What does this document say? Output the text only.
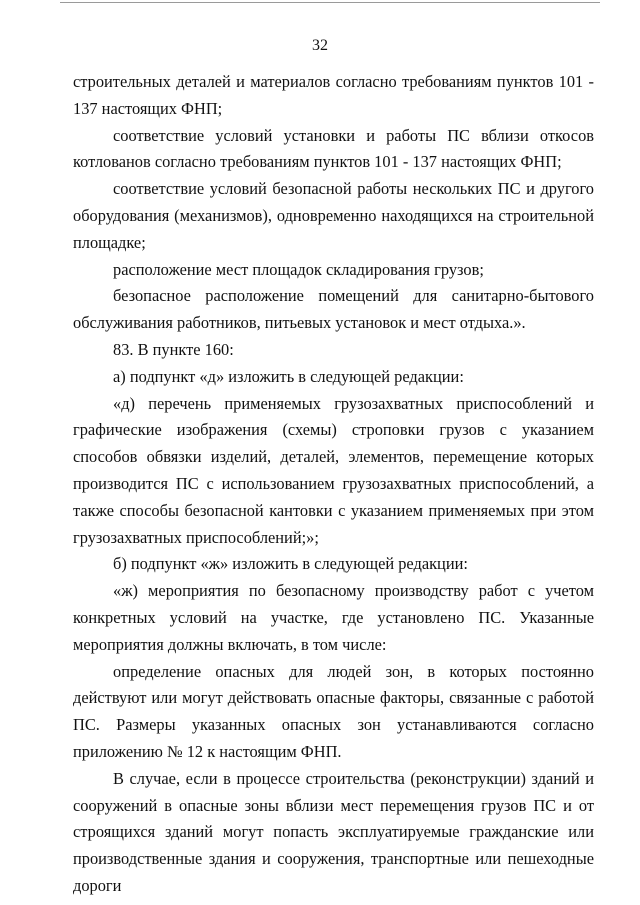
32

строительных деталей и материалов согласно требованиям пунктов 101 - 137 настоящих ФНП;

соответствие условий установки и работы ПС вблизи откосов котлованов согласно требованиям пунктов 101 - 137 настоящих ФНП;

соответствие условий безопасной работы нескольких ПС и другого оборудования (механизмов), одновременно находящихся на строительной площадке;

расположение мест площадок складирования грузов;

безопасное расположение помещений для санитарно-бытового обслуживания работников, питьевых установок и мест отдыха.».

83. В пункте 160:

а) подпункт «д» изложить в следующей редакции:

«д) перечень применяемых грузозахватных приспособлений и графические изображения (схемы) строповки грузов с указанием способов обвязки изделий, деталей, элементов, перемещение которых производится ПС с использованием грузозахватных приспособлений, а также способы безопасной кантовки с указанием применяемых при этом грузозахватных приспособлений;»;

б) подпункт «ж» изложить в следующей редакции:

«ж) мероприятия по безопасному производству работ с учетом конкретных условий на участке, где установлено ПС. Указанные мероприятия должны включать, в том числе:

определение опасных для людей зон, в которых постоянно действуют или могут действовать опасные факторы, связанные с работой ПС. Размеры указанных опасных зон устанавливаются согласно приложению № 12 к настоящим ФНП.

В случае, если в процессе строительства (реконструкции) зданий и сооружений в опасные зоны вблизи мест перемещения грузов ПС и от строящихся зданий могут попасть эксплуатируемые гражданские или производственные здания и сооружения, транспортные или пешеходные дороги
